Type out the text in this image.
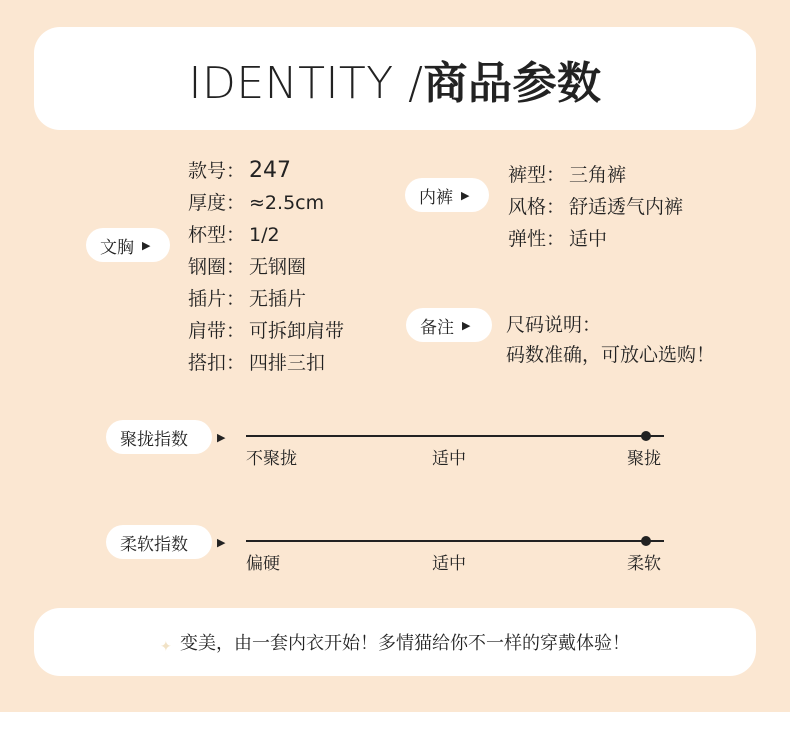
IDENTITY /商品参数
文胸 ▶
款号： 247
厚度： ≈2.5cm
杯型： 1/2
钢圈： 无钢圈
插片： 无插片
肩带： 可拆卸肩带
搭扣： 四排三扣
内裤 ▶
裤型： 三角裤
风格： 舒适透气内裤
弹性： 适中
备注 ▶ 尺码说明：
码数准确，可放心选购！
聚拢指数	▶
不聚拢	适中	聚拢
柔软指数	▶
偏硬	适中	柔软
变美，由一套内衣开始！多情猫给你不一样的穿戴体验！
✦
